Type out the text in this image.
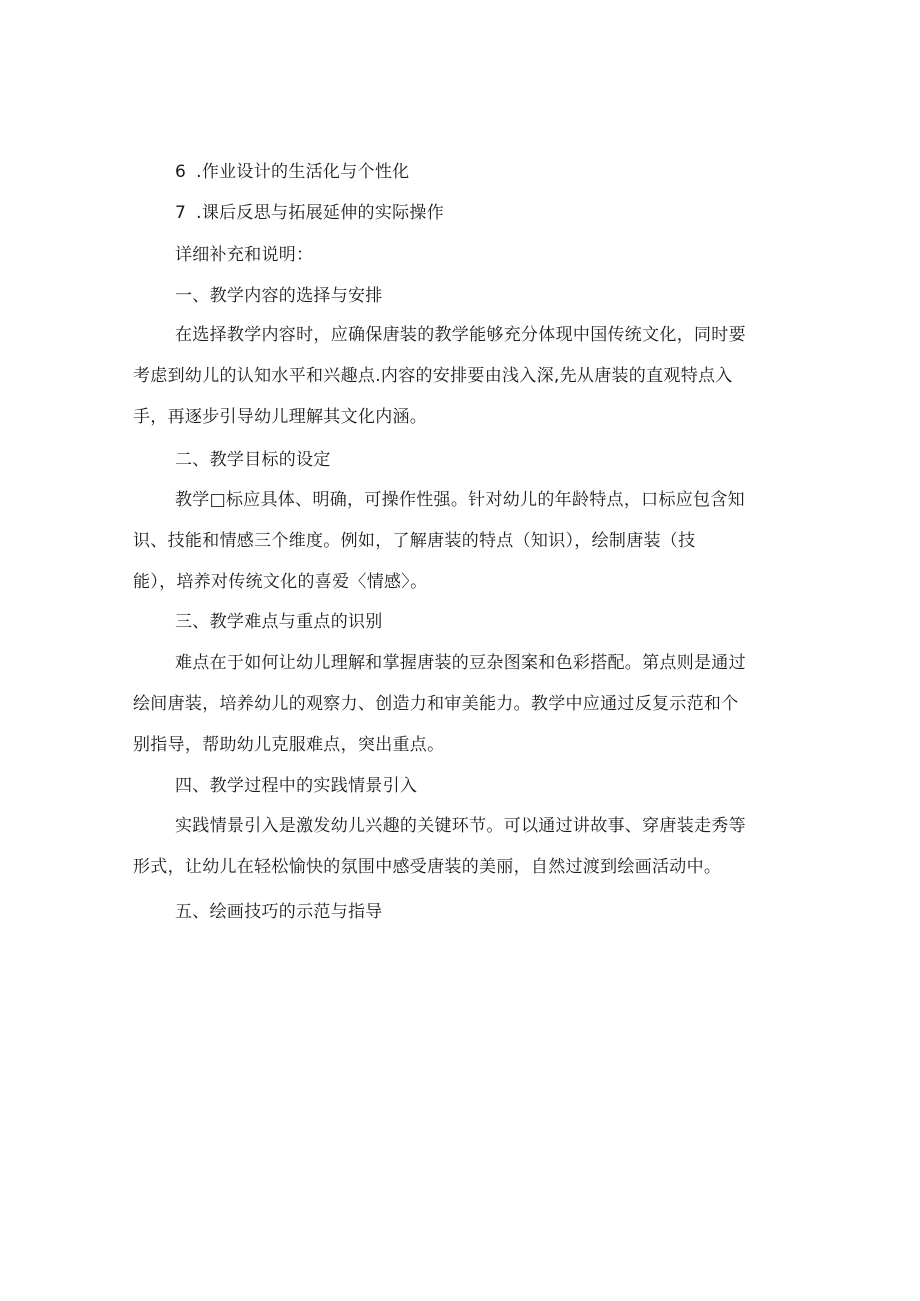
6 .作业设计的生活化与个性化
7 .课后反思与拓展延伸的实际操作
详细补充和说明：
一、教学内容的选择与安排
在选择教学内容时，应确保唐装的教学能够充分体现中国传统文化，同时要
考虑到幼儿的认知水平和兴趣点.内容的安排要由浅入深,先从唐装的直观特点入
手，再逐步引导幼儿理解其文化内涵。
二、教学目标的设定
教学□标应具体、明确，可操作性强。针对幼儿的年龄特点，口标应包含知
识、技能和情感三个维度。例如，了解唐装的特点（知识），绘制唐装（技
能），培养对传统文化的喜爱〈情感〉。
三、教学难点与重点的识别
难点在于如何让幼儿理解和掌握唐装的豆杂图案和色彩搭配。第点则是通过
绘间唐装，培养幼儿的观察力、创造力和审美能力。教学中应通过反复示范和个
别指导，帮助幼儿克服难点，突出重点。
四、教学过程中的实践情景引入
实践情景引入是激发幼儿兴趣的关键环节。可以通过讲故事、穿唐装走秀等
形式，让幼儿在轻松愉快的氛围中感受唐装的美丽，自然过渡到绘画活动中。
五、绘画技巧的示范与指导
